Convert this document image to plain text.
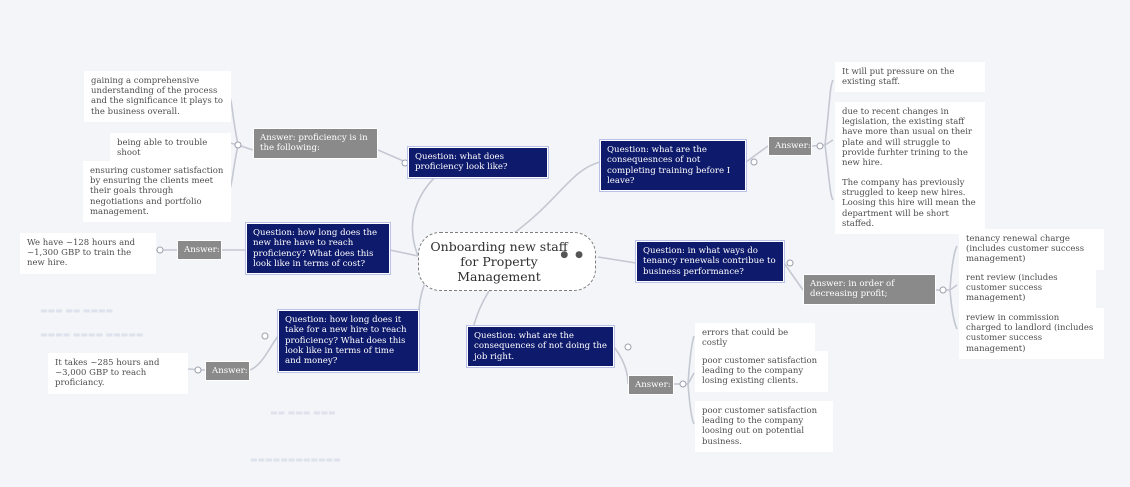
▬▬▬ ▬▬ ▬▬▬▬
▬▬▬▬ ▬▬▬▬ ▬▬▬▬▬
▬▬ ▬▬▬ ▬▬▬
▬▬▬▬▬▬▬▬▬▬▬▬
Onboarding new staff for Property Management
● ●
Question: what does proficiency look like?
Answer: proficiency is in the following:
gaining a comprehensive understanding of the process and the significance it plays to the business overall.
being able to trouble shoot
ensuring customer satisfaction by ensuring the clients meet their goals through negotiations and portfolio management.
Question: how long does the new hire have to reach proficiency? What does this look like in terms of cost?
Answer:
We have ~128 hours and ~1,300 GBP to train the new hire.
Question: how long does it take for a new hire to reach proficiency? What does this look like in terms of time and money?
Answer:
It takes ~285 hours and ~3,000 GBP to reach proficiancy.
Question: what are the consequesnces of not completing training before I leave?
Answer:
It will put pressure on the existing staff.
due to recent changes in legislation, the existing staff have more than usual on their plate and will struggle to provide furhter trining to the new hire.
The company has previously struggled to keep new hires. Loosing this hire will mean the department will be short staffed.
Question: in what ways do tenancy renewals contribue to business performance?
Answer: in order of decreasing profit;
tenancy renewal charge (includes customer success management)
rent review (includes customer success management)
review in commission charged to landlord (includes customer success management)
Question: what are the consequences of not doing the job right.
Answer:
errors that could be costly
poor customer satisfaction leading to the company losing existing clients.
poor customer satisfaction leading to the company loosing out on potential business.
